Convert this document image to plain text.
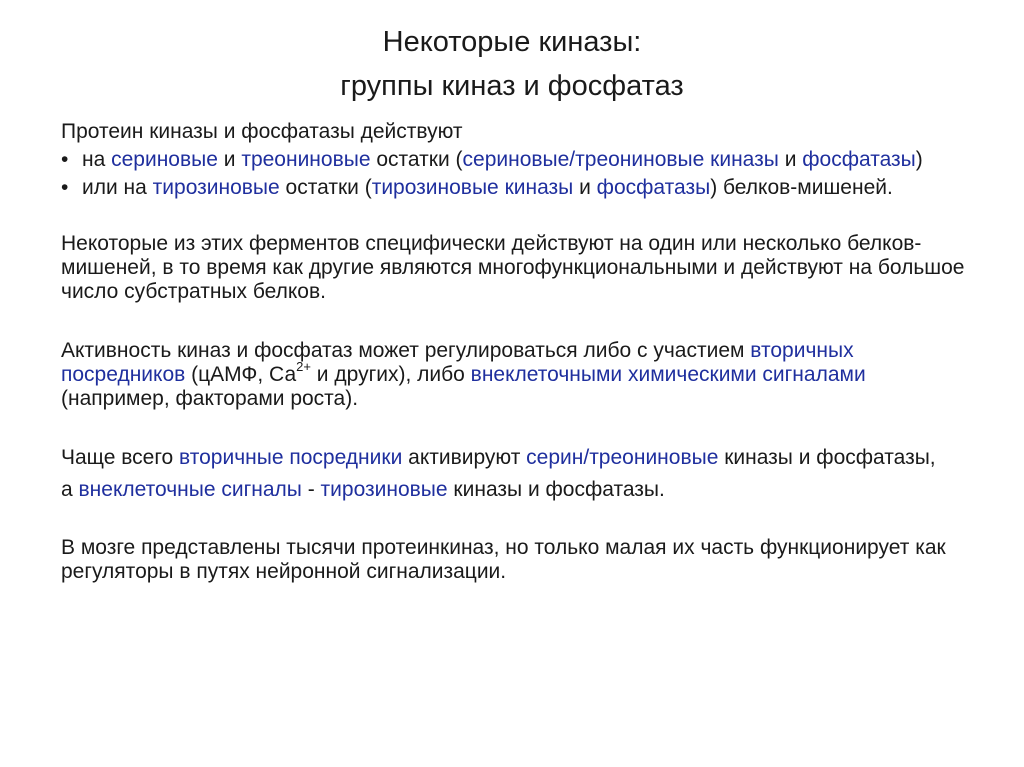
Некоторые киназы:
группы киназ и фосфатаз

Протеин киназы и фосфатазы действуют

• на сериновые и треониновые остатки (сериновые/треониновые киназы и фосфатазы)
• или на тирозиновые остатки (тирозиновые киназы и фосфатазы) белков-мишеней.

Некоторые из этих ферментов специфически действуют на один или несколько белков-мишеней, в то время как другие являются многофункциональными и действуют на большое число субстратных белков.

Активность киназ и фосфатаз может регулироваться либо с участием вторичных посредников (цАМФ, $Са^{2+}$ и других), либо внеклеточными химическими сигналами (например, факторами роста).

Чаще всего вторичные посредники активируют серин/треониновые киназы и фосфатазы,

а внеклеточные сигналы - тирозиновые киназы и фосфатазы.

В мозге представлены тысячи протеинкиназ, но только малая их часть функционирует как регуляторы в путях нейронной сигнализации.
